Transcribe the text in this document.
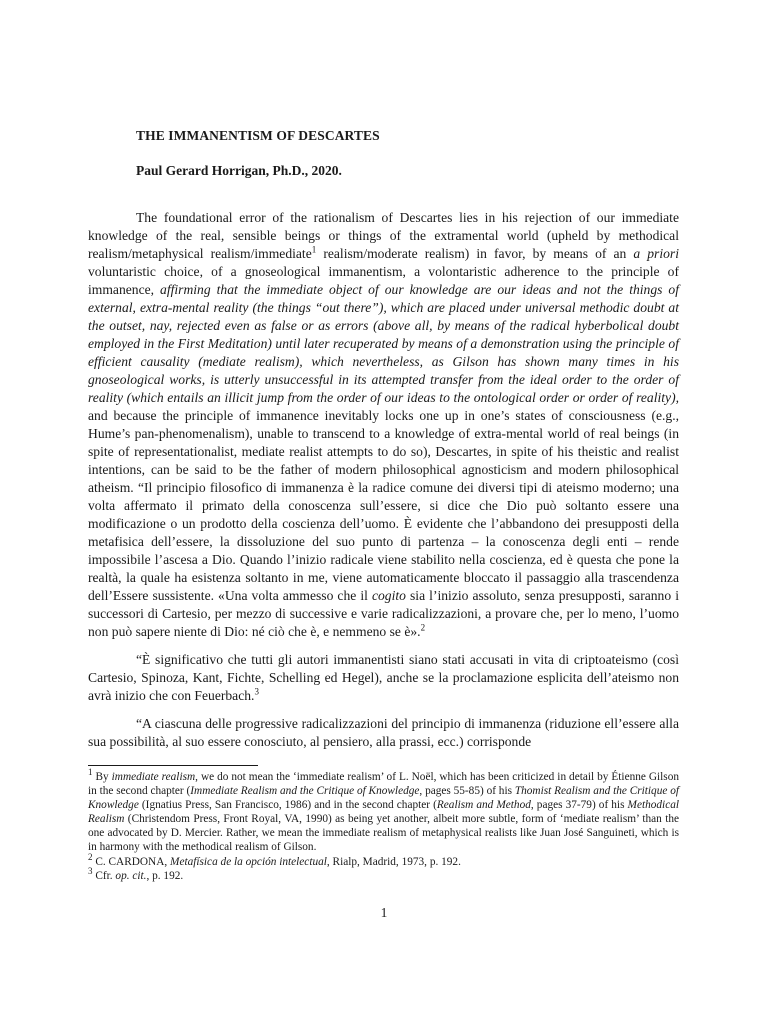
THE IMMANENTISM OF DESCARTES
Paul Gerard Horrigan, Ph.D., 2020.

The foundational error of the rationalism of Descartes lies in his rejection of our immediate knowledge of the real, sensible beings or things of the extramental world (upheld by methodical realism/metaphysical realism/immediate$^1$ realism/moderate realism) in favor, by means of an a priori voluntaristic choice, of a gnoseological immanentism, a volontaristic adherence to the principle of immanence, affirming that the immediate object of our knowledge are our ideas and not the things of external, extra-mental reality (the things “out there”), which are placed under universal methodic doubt at the outset, nay, rejected even as false or as errors (above all, by means of the radical hyberbolical doubt employed in the First Meditation) until later recuperated by means of a demonstration using the principle of efficient causality (mediate realism), which nevertheless, as Gilson has shown many times in his gnoseological works, is utterly unsuccessful in its attempted transfer from the ideal order to the order of reality (which entails an illicit jump from the order of our ideas to the ontological order or order of reality), and because the principle of immanence inevitably locks one up in one’s states of consciousness (e.g., Hume’s pan-phenomenalism), unable to transcend to a knowledge of extra-mental world of real beings (in spite of representationalist, mediate realist attempts to do so), Descartes, in spite of his theistic and realist intentions, can be said to be the father of modern philosophical agnosticism and modern philosophical atheism. “Il principio filosofico di immanenza è la radice comune dei diversi tipi di ateismo moderno; una volta affermato il primato della conoscenza sull’essere, si dice che Dio può soltanto essere una modificazione o un prodotto della coscienza dell’uomo. È evidente che l’abbandono dei presupposti della metafisica dell’essere, la dissoluzione del suo punto di partenza – la conoscenza degli enti – rende impossibile l’ascesa a Dio. Quando l’inizio radicale viene stabilito nella coscienza, ed è questa che pone la realtà, la quale ha esistenza soltanto in me, viene automaticamente bloccato il passaggio alla trascendenza dell’Essere sussistente. «Una volta ammesso che il cogito sia l’inizio assoluto, senza presupposti, saranno i successori di Cartesio, per mezzo di successive e varie radicalizzazioni, a provare che, per lo meno, l’uomo non può sapere niente di Dio: né ciò che è, e nemmeno se è».$^2$

“È significativo che tutti gli autori immanentisti siano stati accusati in vita di criptoateismo (così Cartesio, Spinoza, Kant, Fichte, Schelling ed Hegel), anche se la proclamazione esplicita dell’ateismo non avrà inizio che con Feuerbach.$^3$

“A ciascuna delle progressive radicalizzazioni del principio di immanenza (riduzione ell’essere alla sua possibilità, al suo essere conosciuto, al pensiero, alla prassi, ecc.) corrisponde

$^1$ By immediate realism, we do not mean the ‘immediate realism’ of L. Noël, which has been criticized in detail by Étienne Gilson in the second chapter (Immediate Realism and the Critique of Knowledge, pages 55-85) of his Thomist Realism and the Critique of Knowledge (Ignatius Press, San Francisco, 1986) and in the second chapter (Realism and Method, pages 37-79) of his Methodical Realism (Christendom Press, Front Royal, VA, 1990) as being yet another, albeit more subtle, form of ‘mediate realism’ than the one advocated by D. Mercier. Rather, we mean the immediate realism of metaphysical realists like Juan José Sanguineti, which is in harmony with the methodical realism of Gilson.

$^2$ C. CARDONA, Metafísica de la opción intelectual, Rialp, Madrid, 1973, p. 192.

$^3$ Cfr. op. cit., p. 192.

1
